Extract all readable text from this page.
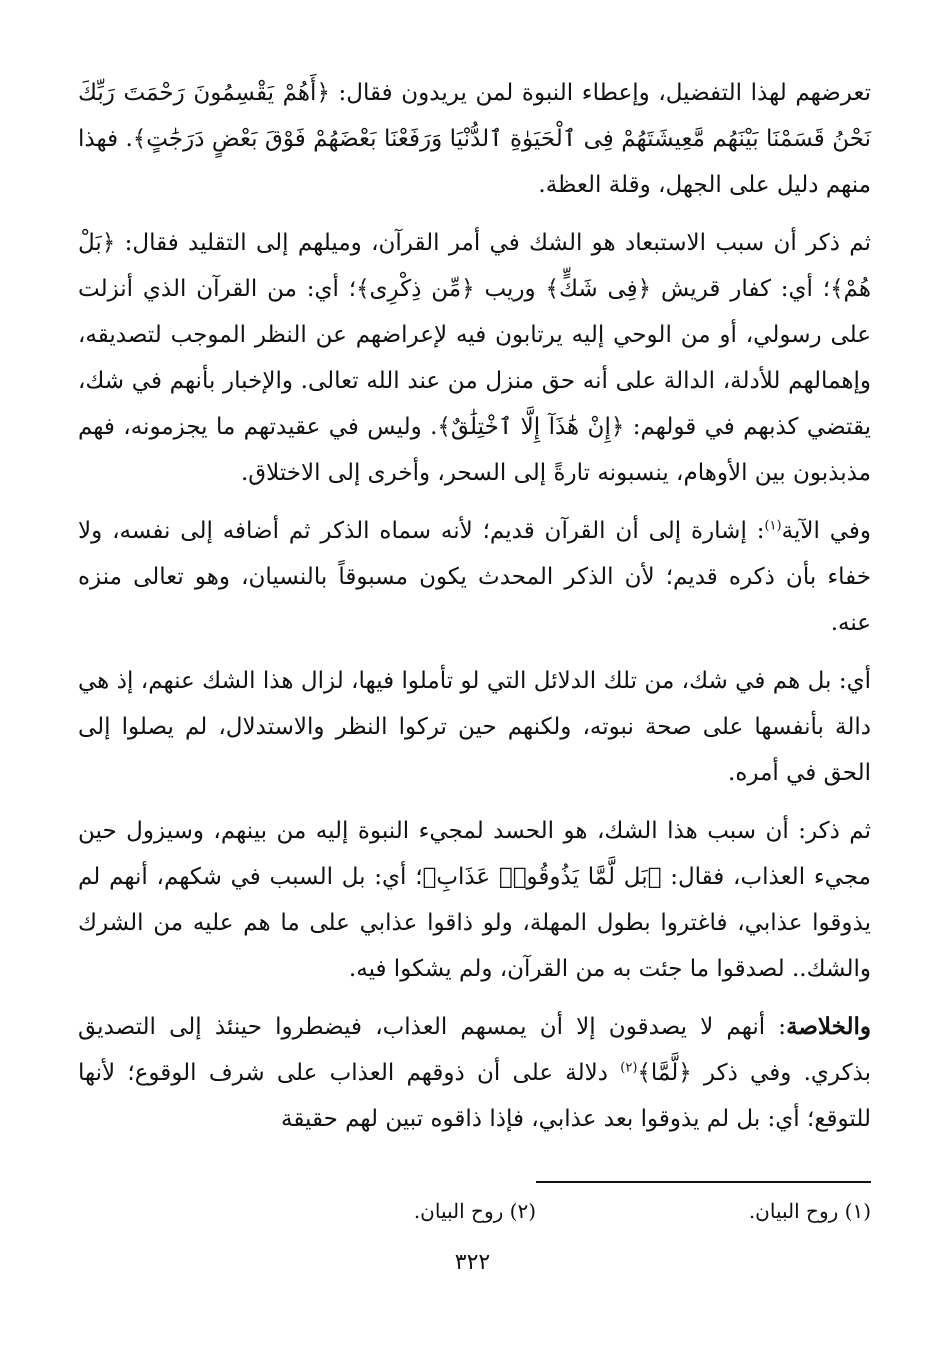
تعرضهم لهذا التفضيل، وإعطاء النبوة لمن يريدون فقال: ﴿أَهُمْ يَقْسِمُونَ رَحْمَتَ رَبِّكَ نَحْنُ قَسَمْنَا بَيْنَهُم مَّعِيشَتَهُمْ فِى ٱلْحَيَوٰةِ ٱلدُّنْيَا وَرَفَعْنَا بَعْضَهُمْ فَوْقَ بَعْضٍ دَرَجَٰتٍ﴾. فهذا منهم دليل على الجهل، وقلة العظة.

ثم ذكر أن سبب الاستبعاد هو الشك في أمر القرآن، وميلهم إلى التقليد فقال: ﴿بَلْ هُمْ﴾؛ أي: كفار قريش ﴿فِى شَكٍّ﴾ وريب ﴿مِّن ذِكْرِى﴾؛ أي: من القرآن الذي أنزلت على رسولي، أو من الوحي إليه يرتابون فيه لإعراضهم عن النظر الموجب لتصديقه، وإهمالهم للأدلة، الدالة على أنه حق منزل من عند الله تعالى. والإخبار بأنهم في شك، يقتضي كذبهم في قولهم: ﴿إِنْ هَٰذَآ إِلَّا ٱخْتِلَٰقٌ﴾. وليس في عقيدتهم ما يجزمونه، فهم مذبذبون بين الأوهام، ينسبونه تارةً إلى السحر، وأخرى إلى الاختلاق.

وفي الآية$^{(١)}$: إشارة إلى أن القرآن قديم؛ لأنه سماه الذكر ثم أضافه إلى نفسه، ولا خفاء بأن ذكره قديم؛ لأن الذكر المحدث يكون مسبوقاً بالنسيان، وهو تعالى منزه عنه.

أي: بل هم في شك، من تلك الدلائل التي لو تأملوا فيها، لزال هذا الشك عنهم، إذ هي دالة بأنفسها على صحة نبوته، ولكنهم حين تركوا النظر والاستدلال، لم يصلوا إلى الحق في أمره.

ثم ذكر: أن سبب هذا الشك، هو الحسد لمجيء النبوة إليه من بينهم، وسيزول حين مجيء العذاب، فقال: ﴿بَل لَّمَّا يَذُوقُوا۟ عَذَابِ﴾؛ أي: بل السبب في شكهم، أنهم لم يذوقوا عذابي، فاغتروا بطول المهلة، ولو ذاقوا عذابي على ما هم عليه من الشرك والشك.. لصدقوا ما جئت به من القرآن، ولم يشكوا فيه.

والخلاصة: أنهم لا يصدقون إلا أن يمسهم العذاب، فيضطروا حينئذ إلى التصديق بذكري. وفي ذكر ﴿لَّمَّا﴾$^{(٢)}$ دلالة على أن ذوقهم العذاب على شرف الوقوع؛ لأنها للتوقع؛ أي: بل لم يذوقوا بعد عذابي، فإذا ذاقوه تبين لهم حقيقة

(١) روح البيان.
(٢) روح البيان.
٣٢٢
